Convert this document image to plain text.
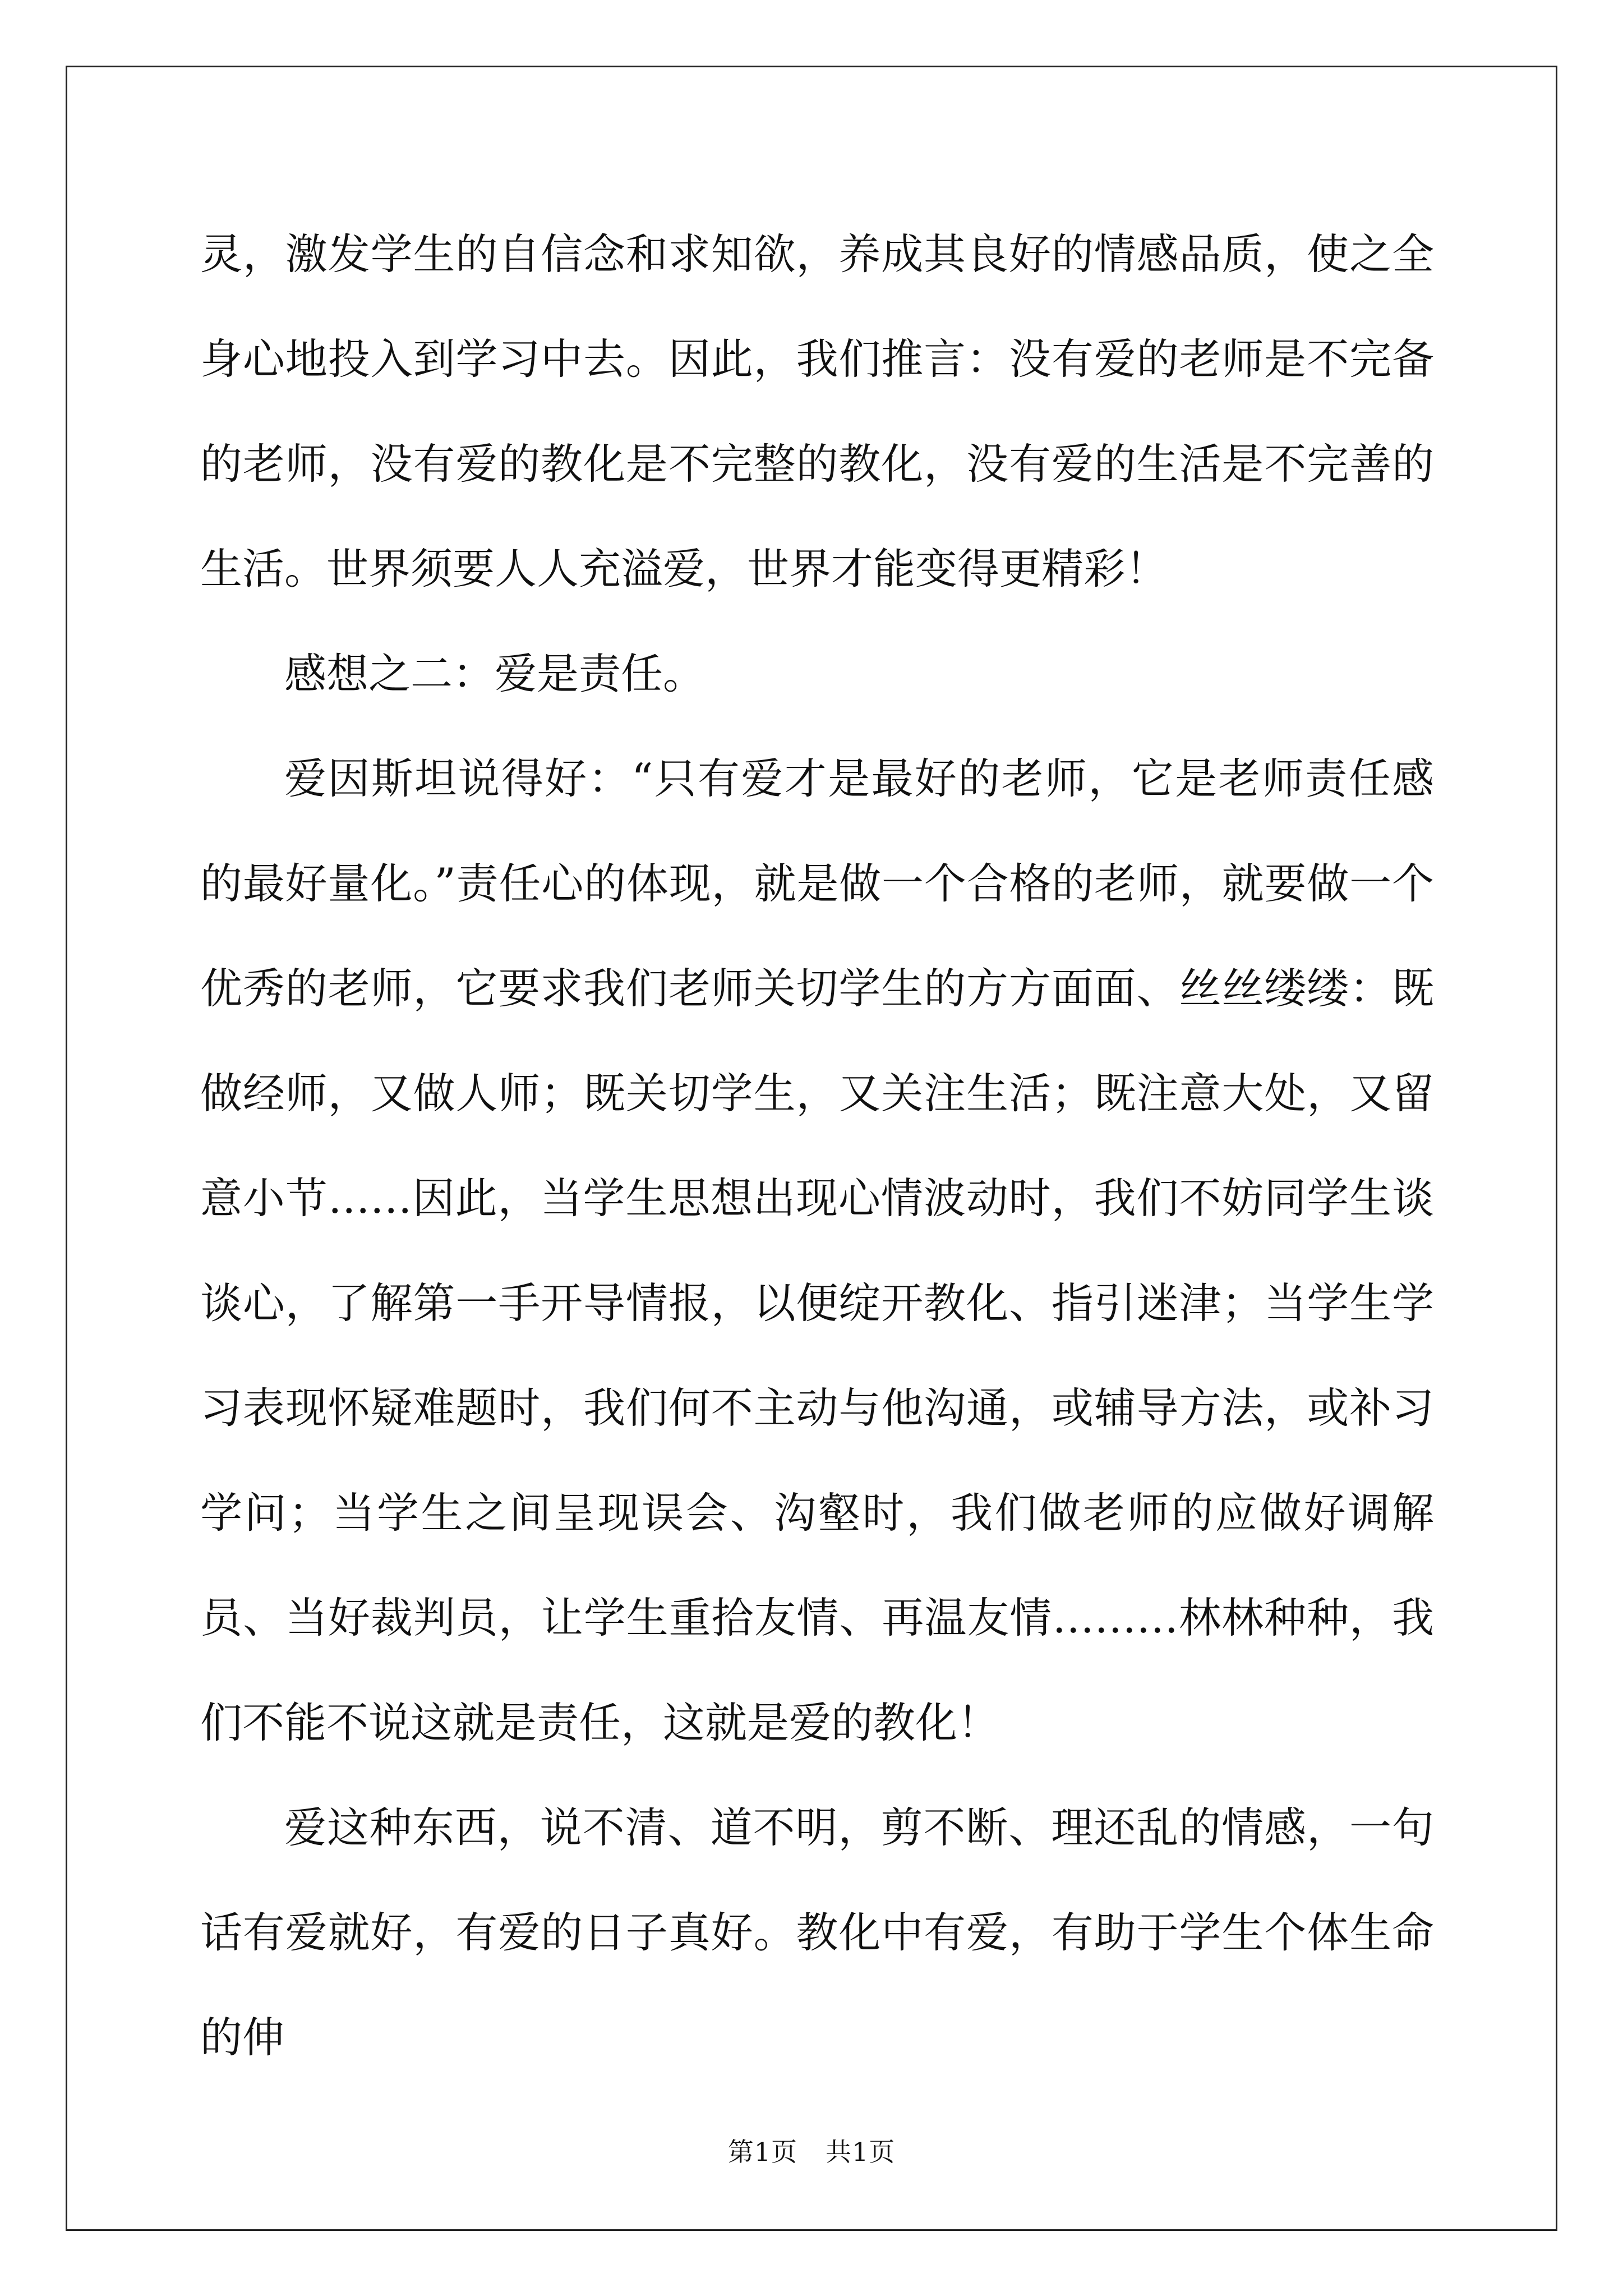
灵，激发学生的自信念和求知欲，养成其良好的情感品质，使之全身心地投入到学习中去。因此，我们推言：没有爱的老师是不完备的老师，没有爱的教化是不完整的教化，没有爱的生活是不完善的生活。世界须要人人充溢爱，世界才能变得更精彩！

感想之二：爱是责任。

爱因斯坦说得好：“只有爱才是最好的老师，它是老师责任感的最好量化。”责任心的体现，就是做一个合格的老师，就要做一个优秀的老师，它要求我们老师关切学生的方方面面、丝丝缕缕：既做经师，又做人师；既关切学生，又关注生活；既注意大处，又留意小节……因此，当学生思想出现心情波动时，我们不妨同学生谈谈心，了解第一手开导情报，以便绽开教化、指引迷津；当学生学习表现怀疑难题时，我们何不主动与他沟通，或辅导方法，或补习学问；当学生之间呈现误会、沟壑时，我们做老师的应做好调解员、当好裁判员，让学生重拾友情、再温友情………林林种种，我们不能不说这就是责任，这就是爱的教化！

爱这种东西，说不清、道不明，剪不断、理还乱的情感，一句话有爱就好，有爱的日子真好。教化中有爱，有助于学生个体生命的伸

第1页 共1页
